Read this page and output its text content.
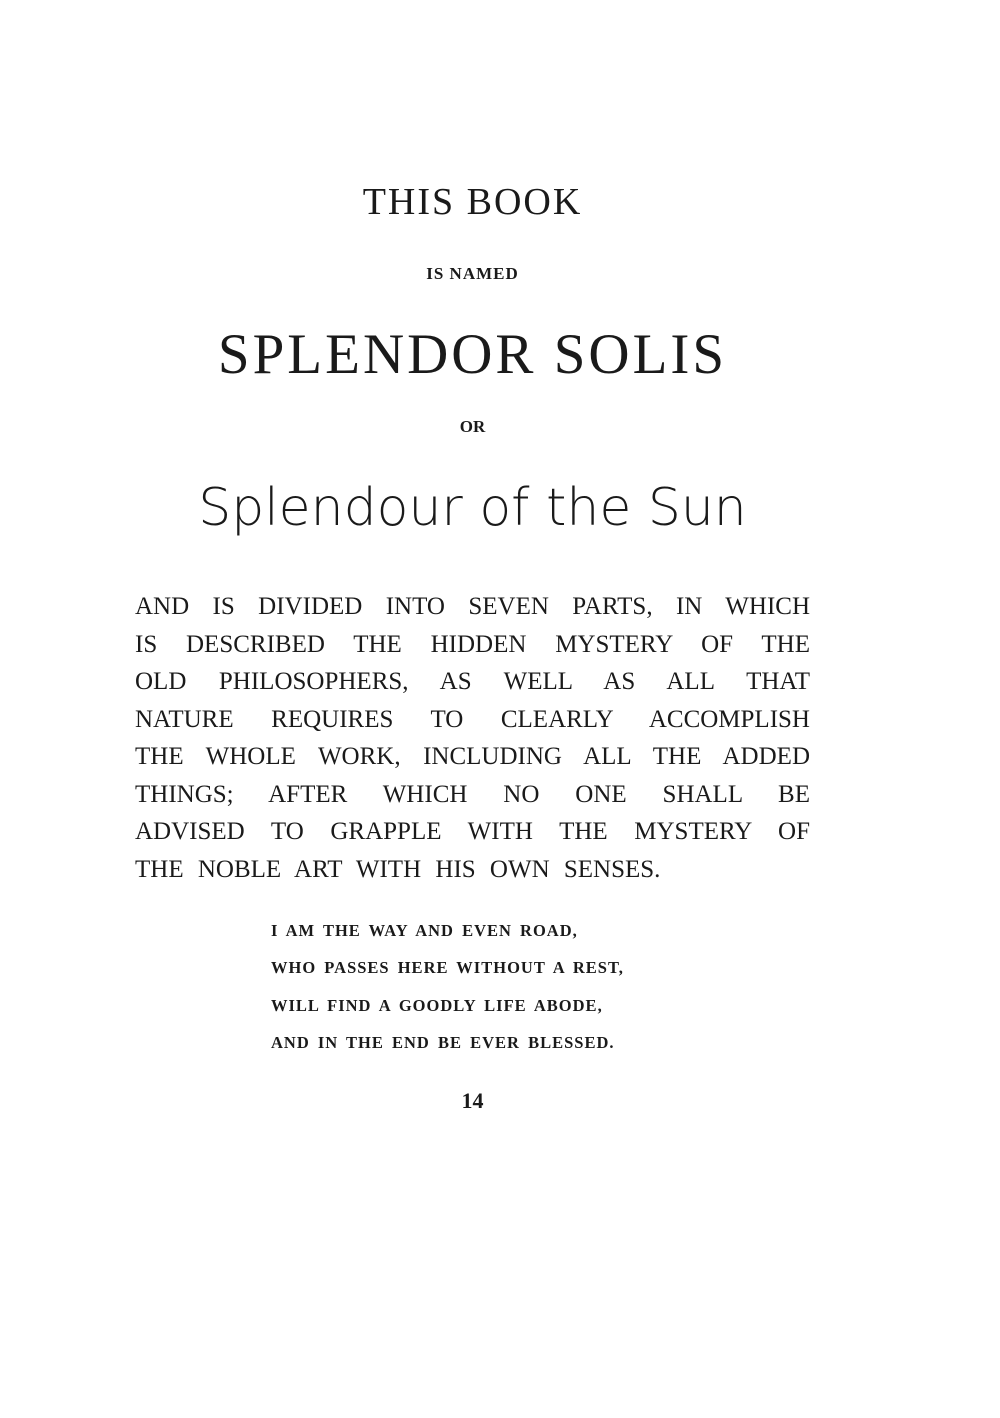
THIS BOOK
IS NAMED
SPLENDOR SOLIS
OR
Splendour of the Sun
AND IS DIVIDED INTO SEVEN PARTS, IN WHICH
IS DESCRIBED THE HIDDEN MYSTERY OF THE
OLD PHILOSOPHERS, AS WELL AS ALL THAT
NATURE REQUIRES TO CLEARLY ACCOMPLISH
THE WHOLE WORK, INCLUDING ALL THE ADDED
THINGS; AFTER WHICH NO ONE SHALL BE
ADVISED TO GRAPPLE WITH THE MYSTERY OF
THE NOBLE ART WITH HIS OWN SENSES.
I AM THE WAY AND EVEN ROAD,
WHO PASSES HERE WITHOUT A REST,
WILL FIND A GOODLY LIFE ABODE,
AND IN THE END BE EVER BLESSED.
14
